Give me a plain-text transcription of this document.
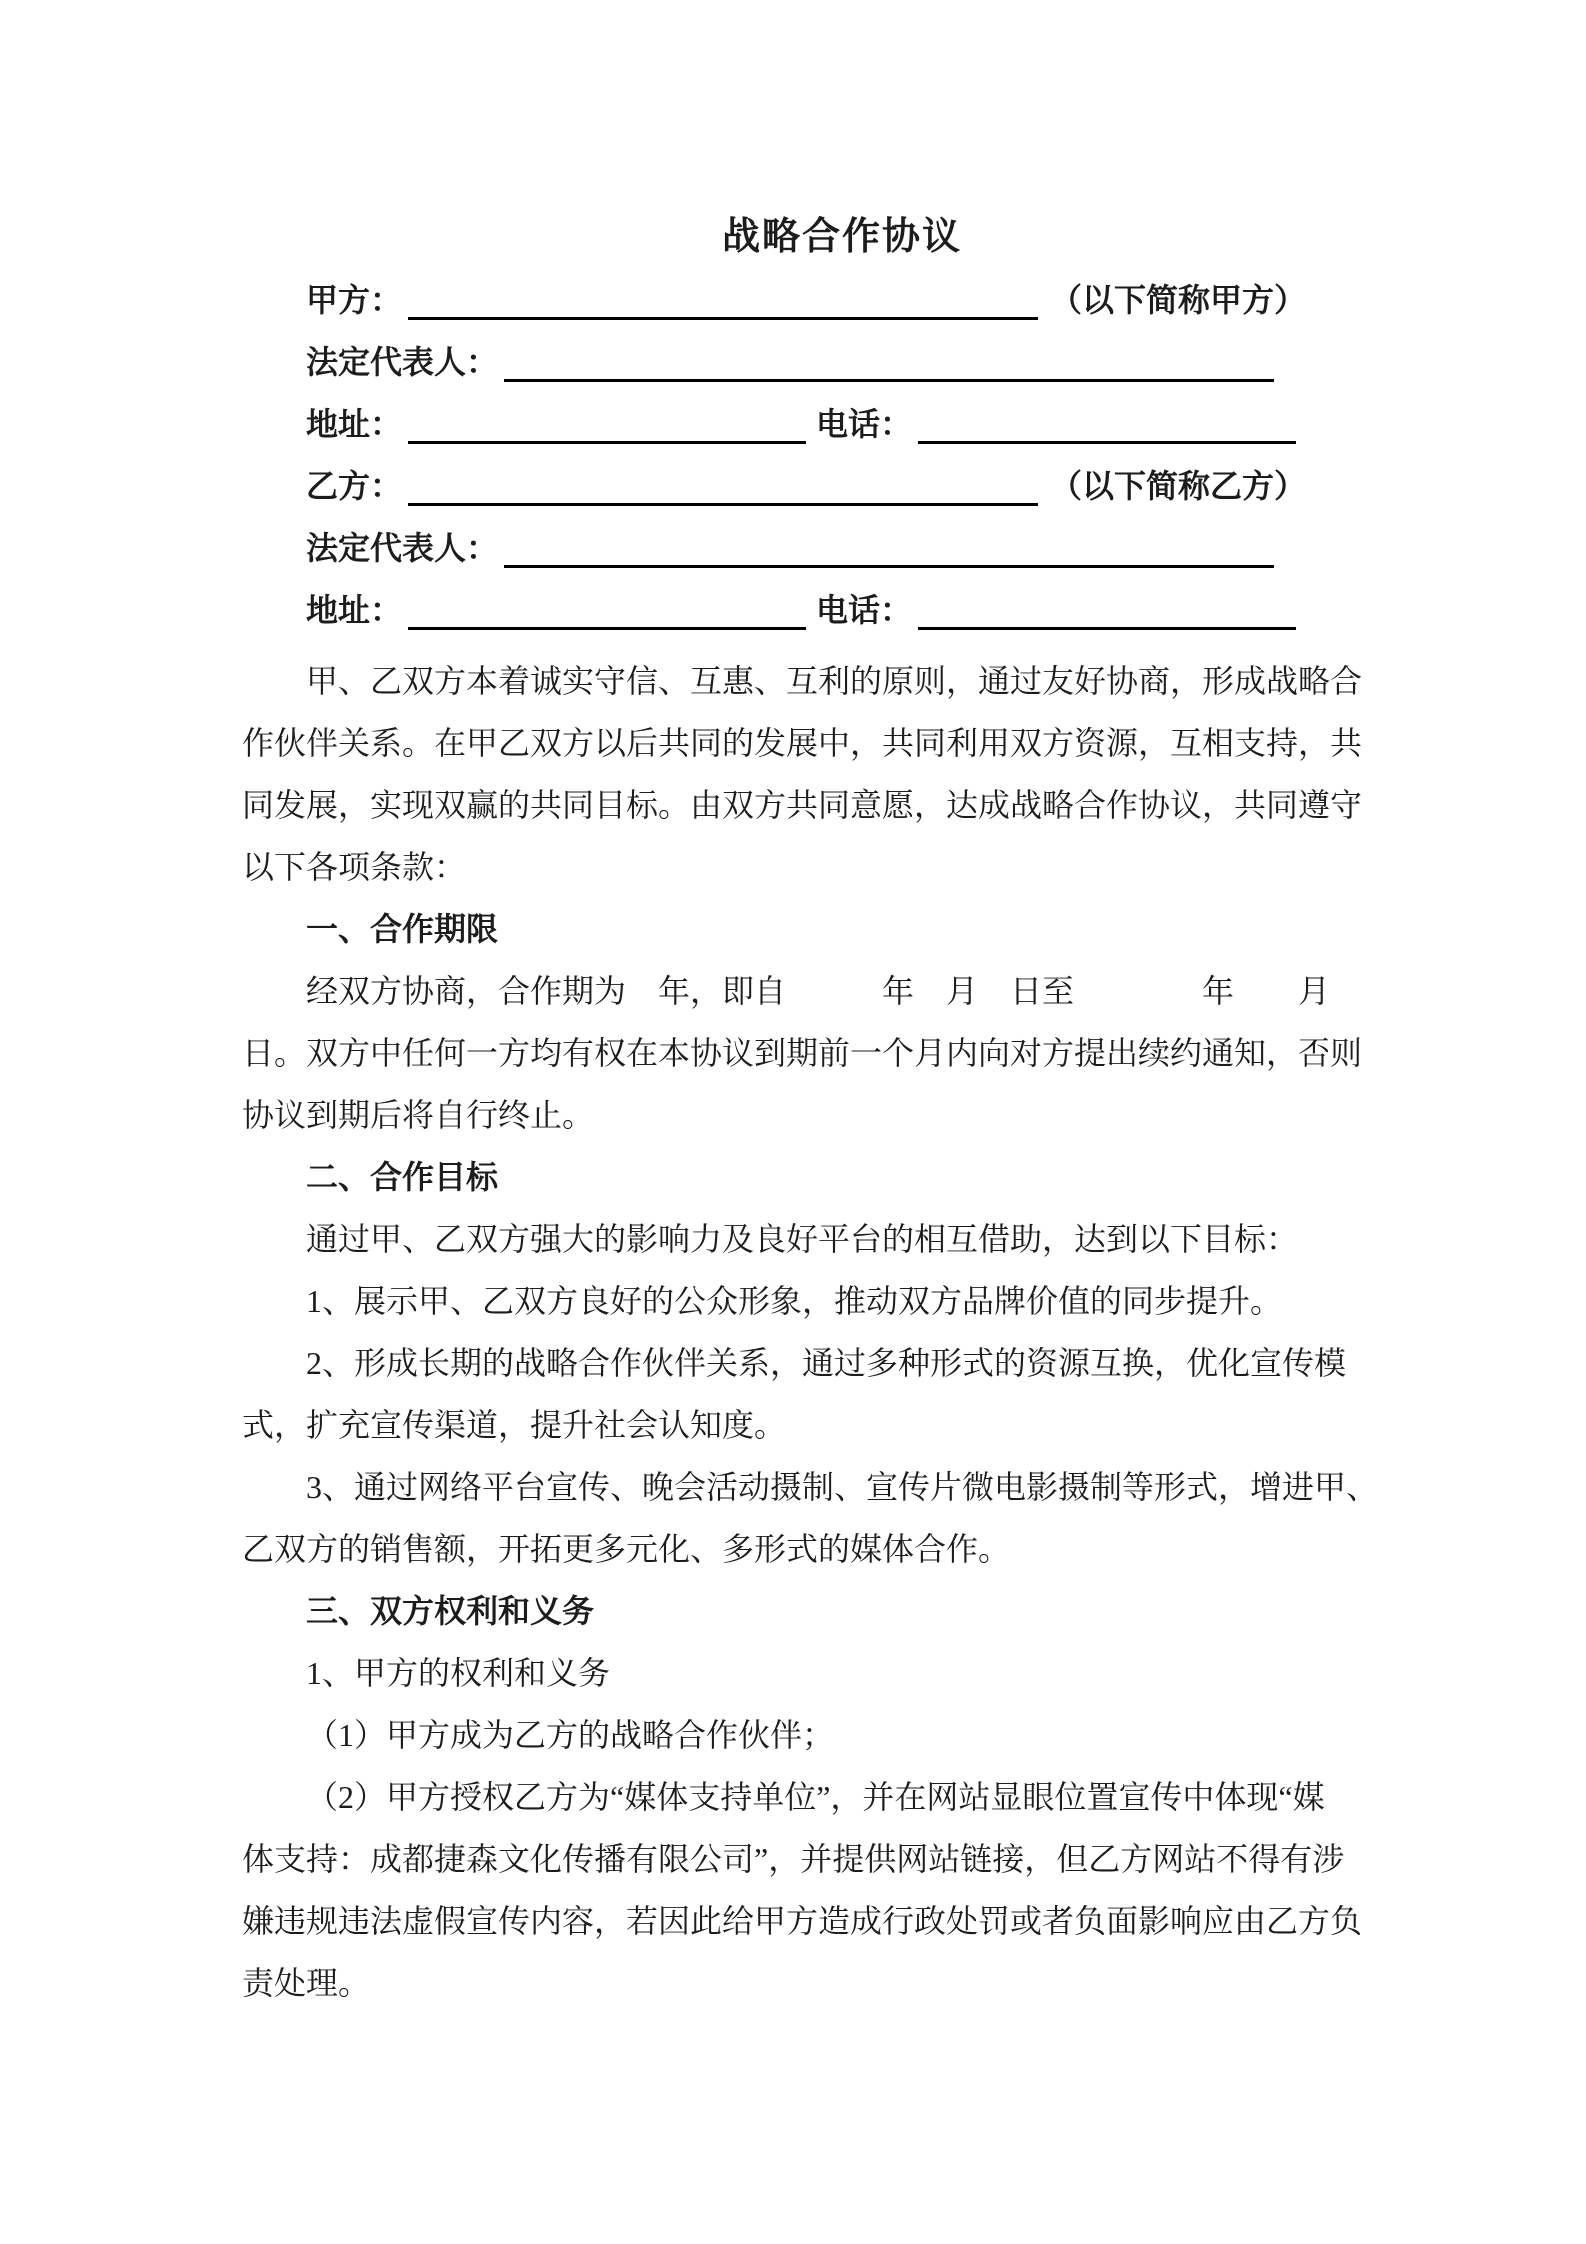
战略合作协议
甲方：	（以下简称甲方）
法定代表人：
地址：	电话：
乙方：	（以下简称乙方）
法定代表人：
地址：	电话：
甲、乙双方本着诚实守信、互惠、互利的原则，通过友好协商，形成战略合
作伙伴关系。在甲乙双方以后共同的发展中，共同利用双方资源，互相支持，共
同发展，实现双赢的共同目标。由双方共同意愿，达成战略合作协议，共同遵守
以下各项条款：
一、合作期限
经双方协商，合作期为　年，即自　　　年　月　日至　　　　年　　月
日。双方中任何一方均有权在本协议到期前一个月内向对方提出续约通知，否则
协议到期后将自行终止。
二、合作目标
通过甲、乙双方强大的影响力及良好平台的相互借助，达到以下目标：
1、展示甲、乙双方良好的公众形象，推动双方品牌价值的同步提升。
2、形成长期的战略合作伙伴关系，通过多种形式的资源互换，优化宣传模
式，扩充宣传渠道，提升社会认知度。
3、通过网络平台宣传、晚会活动摄制、宣传片微电影摄制等形式，增进甲、
乙双方的销售额，开拓更多元化、多形式的媒体合作。
三、双方权利和义务
1、甲方的权利和义务
（1）甲方成为乙方的战略合作伙伴；
（2）甲方授权乙方为“媒体支持单位”，并在网站显眼位置宣传中体现“媒
体支持：成都捷森文化传播有限公司”，并提供网站链接，但乙方网站不得有涉
嫌违规违法虚假宣传内容，若因此给甲方造成行政处罚或者负面影响应由乙方负
责处理。
